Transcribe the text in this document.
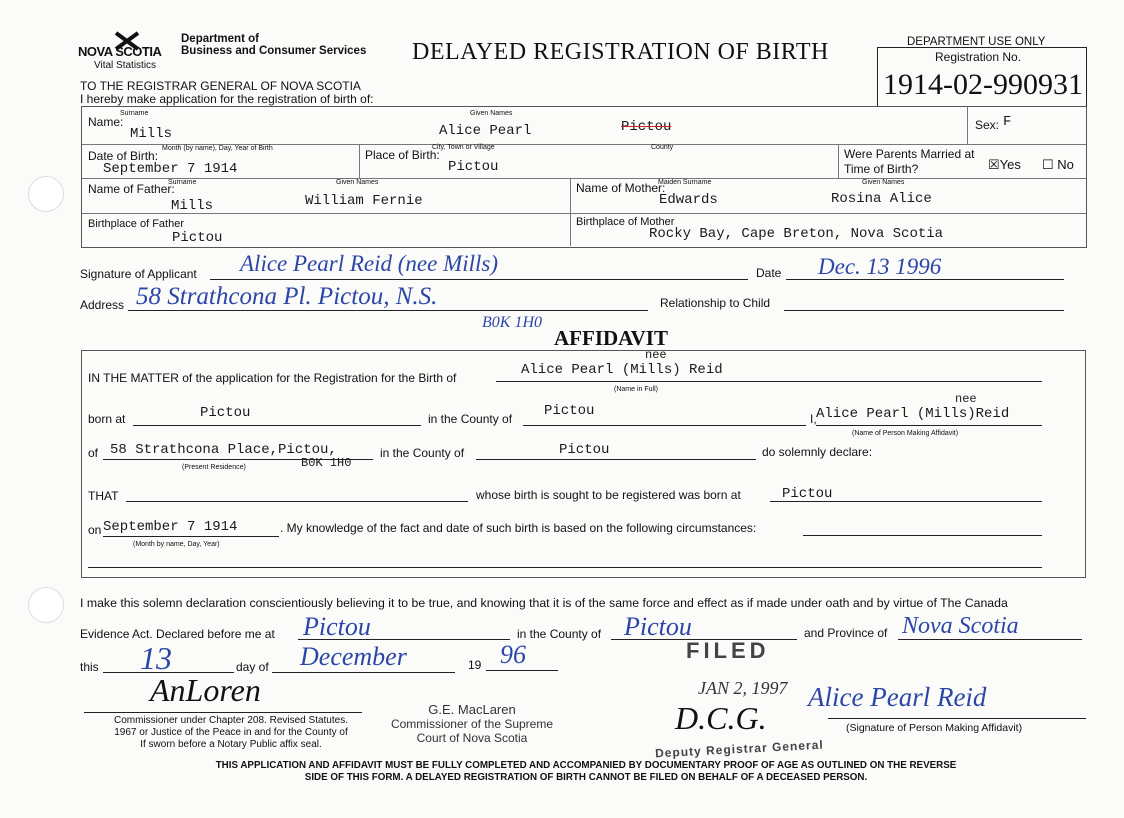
NOVA SCOTIA
Vital Statistics
Department of
Business and Consumer Services DELAYED REGISTRATION OF BIRTH
TO THE REGISTRAR GENERAL OF NOVA SCOTIA
I hereby make application for the registration of birth of:
DEPARTMENT USE ONLY
Registration No.
1914-02-990931
Name:
Surname
Mills
Given Names
Alice Pearl	Pictou	Sex: F
Date of Birth:
Month (by name), Day, Year of Birth
September 7 1914
Place of Birth:
City, Town or Village
Pictou
County	Were Parents Married at
Time of Birth?	☒Yes ☐ No
Name of Father:
Surname	Given Names
Mills	William Fernie
Name of Mother:
Maiden Surname	Given Names
Edwards	Rosina Alice
Birthplace of Father
Pictou
Birthplace of Mother
Rocky Bay, Cape Breton, Nova Scotia
Signature of Applicant Alice Pearl Reid (nee Mills)	Date Dec. 13 1996
Address 58 Strathcona Pl. Pictou, N.S.
B0K 1H0
Relationship to Child
AFFIDAVIT
IN THE MATTER of the application for the Registration for the Birth of
nee
Alice Pearl (Mills) Reid
(Name in Full)
born at	Pictou	in the County of Pictou	I,
nee
Alice Pearl (Mills)Reid
(Name of Person Making Affidavit)
of 58 Strathcona Place,Pictou,
B0K 1H0
(Present Residence)
in the County of	Pictou	do solemnly declare:
THAT	whose birth is sought to be registered was born at	Pictou
on September 7 1914
(Month by name, Day, Year)
. My knowledge of the fact and date of such birth is based on the following circumstances:
I make this solemn declaration conscientiously believing it to be true, and knowing that it is of the same force and effect as if made under oath and by virtue of The Canada
Evidence Act. Declared before me at Pictou	in the County of Pictou	and Province of Nova Scotia
this 13	day of December	19 96	FILED
JAN 2, 1997
AnLoren
Commissioner under Chapter 208. Revised Statutes.
1967 or Justice of the Peace in and for the County of
If sworn before a Notary Public affix seal.
G.E. MacLaren
Commissioner of the Supreme
Court of Nova Scotia
D.C.G.
Alice Pearl Reid
(Signature of Person Making Affidavit)
Deputy Registrar General
THIS APPLICATION AND AFFIDAVIT MUST BE FULLY COMPLETED AND ACCOMPANIED BY DOCUMENTARY PROOF OF AGE AS OUTLINED ON THE REVERSE
SIDE OF THIS FORM. A DELAYED REGISTRATION OF BIRTH CANNOT BE FILED ON BEHALF OF A DECEASED PERSON.
